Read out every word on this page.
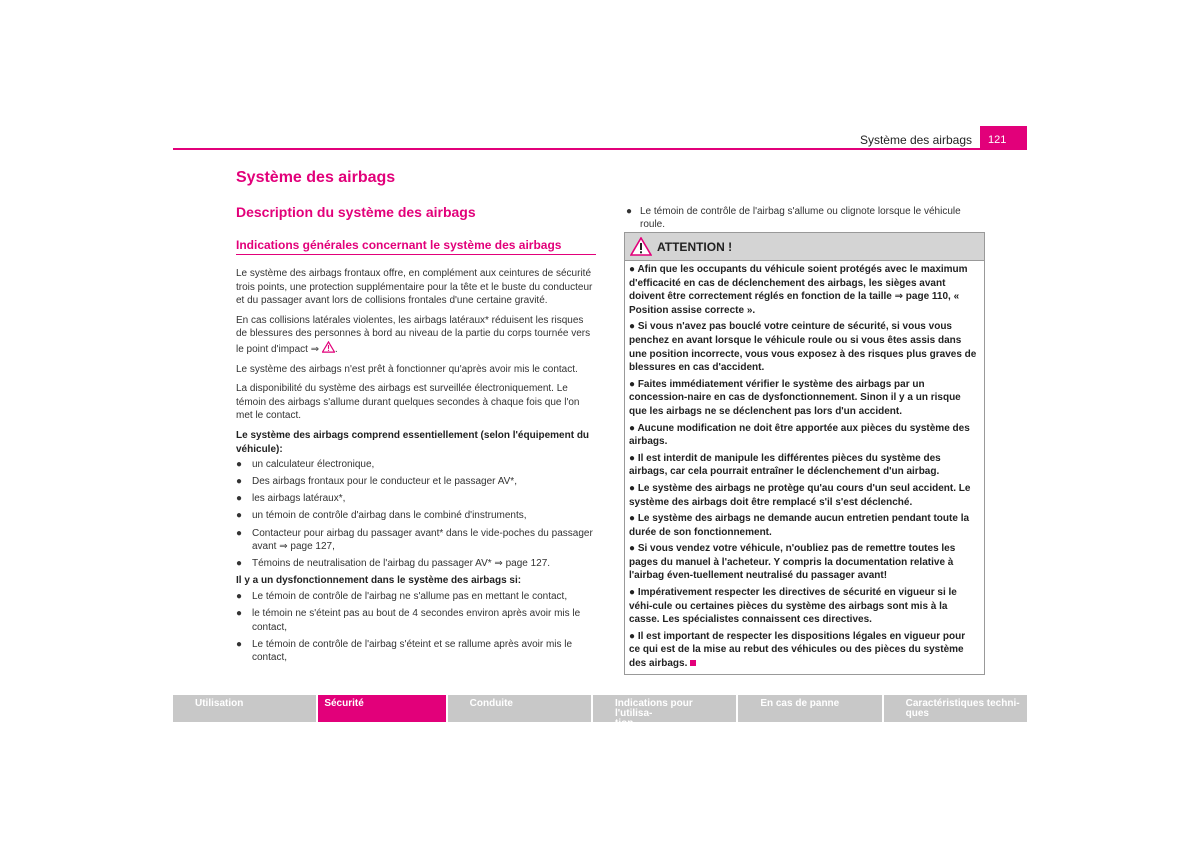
Système des airbags	121
Système des airbags
Description du système des airbags
Indications générales concernant le système des airbags

Le système des airbags frontaux offre, en complément aux ceintures de sécurité trois points, une protection supplémentaire pour la tête et le buste du conducteur et du passager avant lors de collisions frontales d'une certaine gravité.

En cas collisions latérales violentes, les airbags latéraux* réduisent les risques de blessures des personnes à bord au niveau de la partie du corps tournée vers le point d'impact ⇒ .

Le système des airbags n'est prêt à fonctionner qu'après avoir mis le contact.

La disponibilité du système des airbags est surveillée électroniquement. Le témoin des airbags s'allume durant quelques secondes à chaque fois que l'on met le contact.

Le système des airbags comprend essentiellement (selon l'équipement du véhicule):

● un calculateur électronique,
● Des airbags frontaux pour le conducteur et le passager AV*,
● les airbags latéraux*,
● un témoin de contrôle d'airbag dans le combiné d'instruments,
● Contacteur pour airbag du passager avant* dans le vide-poches du passager avant ⇒ page 127,
● Témoins de neutralisation de l'airbag du passager AV* ⇒ page 127.

Il y a un dysfonctionnement dans le système des airbags si:

● Le témoin de contrôle de l'airbag ne s'allume pas en mettant le contact,
● le témoin ne s'éteint pas au bout de 4 secondes environ après avoir mis le contact,
● Le témoin de contrôle de l'airbag s'éteint et se rallume après avoir mis le contact,
● Le témoin de contrôle de l'airbag s'allume ou clignote lorsque le véhicule roule.
ATTENTION !
● Afin que les occupants du véhicule soient protégés avec le maximum d'efficacité en cas de déclenchement des airbags, les sièges avant doivent être correctement réglés en fonction de la taille ⇒ page 110, « Position assise correcte ».
● Si vous n'avez pas bouclé votre ceinture de sécurité, si vous vous penchez en avant lorsque le véhicule roule ou si vous êtes assis dans une position incorrecte, vous vous exposez à des risques plus graves de blessures en cas d'accident.
● Faites immédiatement vérifier le système des airbags par un concession-naire en cas de dysfonctionnement. Sinon il y a un risque que les airbags ne se déclenchent pas lors d'un accident.
● Aucune modification ne doit être apportée aux pièces du système des airbags.
● Il est interdit de manipule les différentes pièces du système des airbags, car cela pourrait entraîner le déclenchement d'un airbag.
● Le système des airbags ne protège qu'au cours d'un seul accident. Le système des airbags doit être remplacé s'il s'est déclenché.
● Le système des airbags ne demande aucun entretien pendant toute la durée de son fonctionnement.
● Si vous vendez votre véhicule, n'oubliez pas de remettre toutes les pages du manuel à l'acheteur. Y compris la documentation relative à l'airbag éven-tuellement neutralisé du passager avant!
● Impérativement respecter les directives de sécurité en vigueur si le véhi-cule ou certaines pièces du système des airbags sont mis à la casse. Les spécialistes connaissent ces directives.
● Il est important de respecter les dispositions légales en vigueur pour ce qui est de la mise au rebut des véhicules ou des pièces du système des airbags.
Utilisation	Sécurité	Conduite	Indications pour l'utilisa-
tion
En cas de panne	Caractéristiques techni-
ques
